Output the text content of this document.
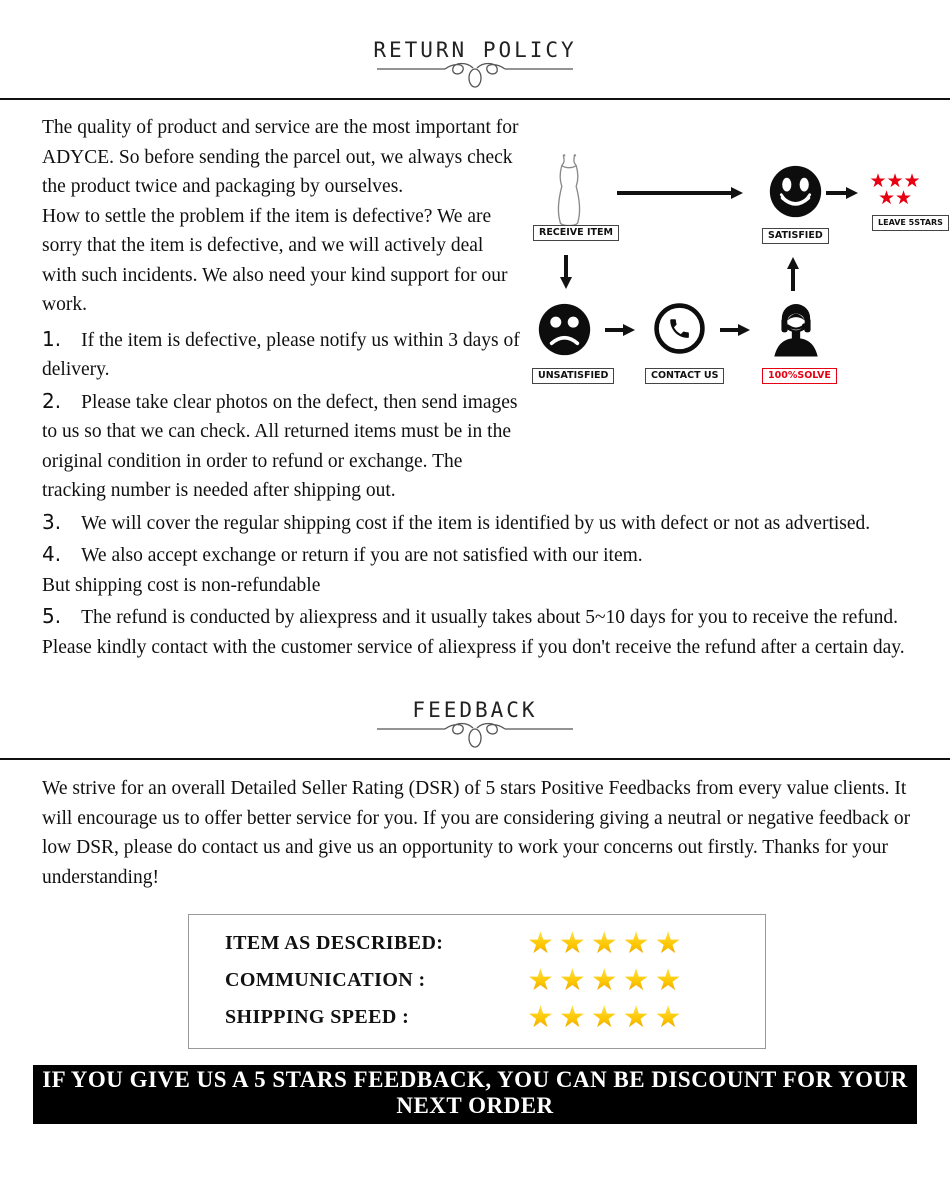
RETURN POLICY
RECEIVE ITEM	SATISFIED
★★★
★★
LEAVE 5STARS
UNSATISFIED	CONTACT US	100%SOLVE

The quality of product and service are the most important for ADYCE. So before sending the parcel out, we always check the product twice and packaging by ourselves.

How to settle the problem if the item is defective? We are sorry that the item is defective, and we will actively deal with such incidents. We also need your kind support for our work.

1. If the item is defective, please notify us within 3 days of delivery.

2. Please take clear photos on the defect, then send images to us so that we can check. All returned items must be in the original condition in order to refund or exchange. The tracking number is needed after shipping out.

3. We will cover the regular shipping cost if the item is identified by us with defect or not as advertised.

4. We also accept exchange or return if you are not satisfied with our item.
But shipping cost is non-refundable

5. The refund is conducted by aliexpress and it usually takes about 5~10 days for you to receive the refund. Please kindly contact with the customer service of aliexpress if you don't receive the refund after a certain day.

FEEDBACK

We strive for an overall Detailed Seller Rating (DSR) of 5 stars Positive Feedbacks from every value clients. It will encourage us to offer better service for you. If you are considering giving a neutral or negative feedback or low DSR, please do contact us and give us an opportunity to work your concerns out firstly. Thanks for your understanding!

ITEM AS DESCRIBED:	★★★★★
COMMUNICATION :	★★★★★
SHIPPING SPEED :	★★★★★
IF YOU GIVE US A 5 STARS FEEDBACK, YOU CAN BE DISCOUNT FOR YOUR NEXT ORDER
